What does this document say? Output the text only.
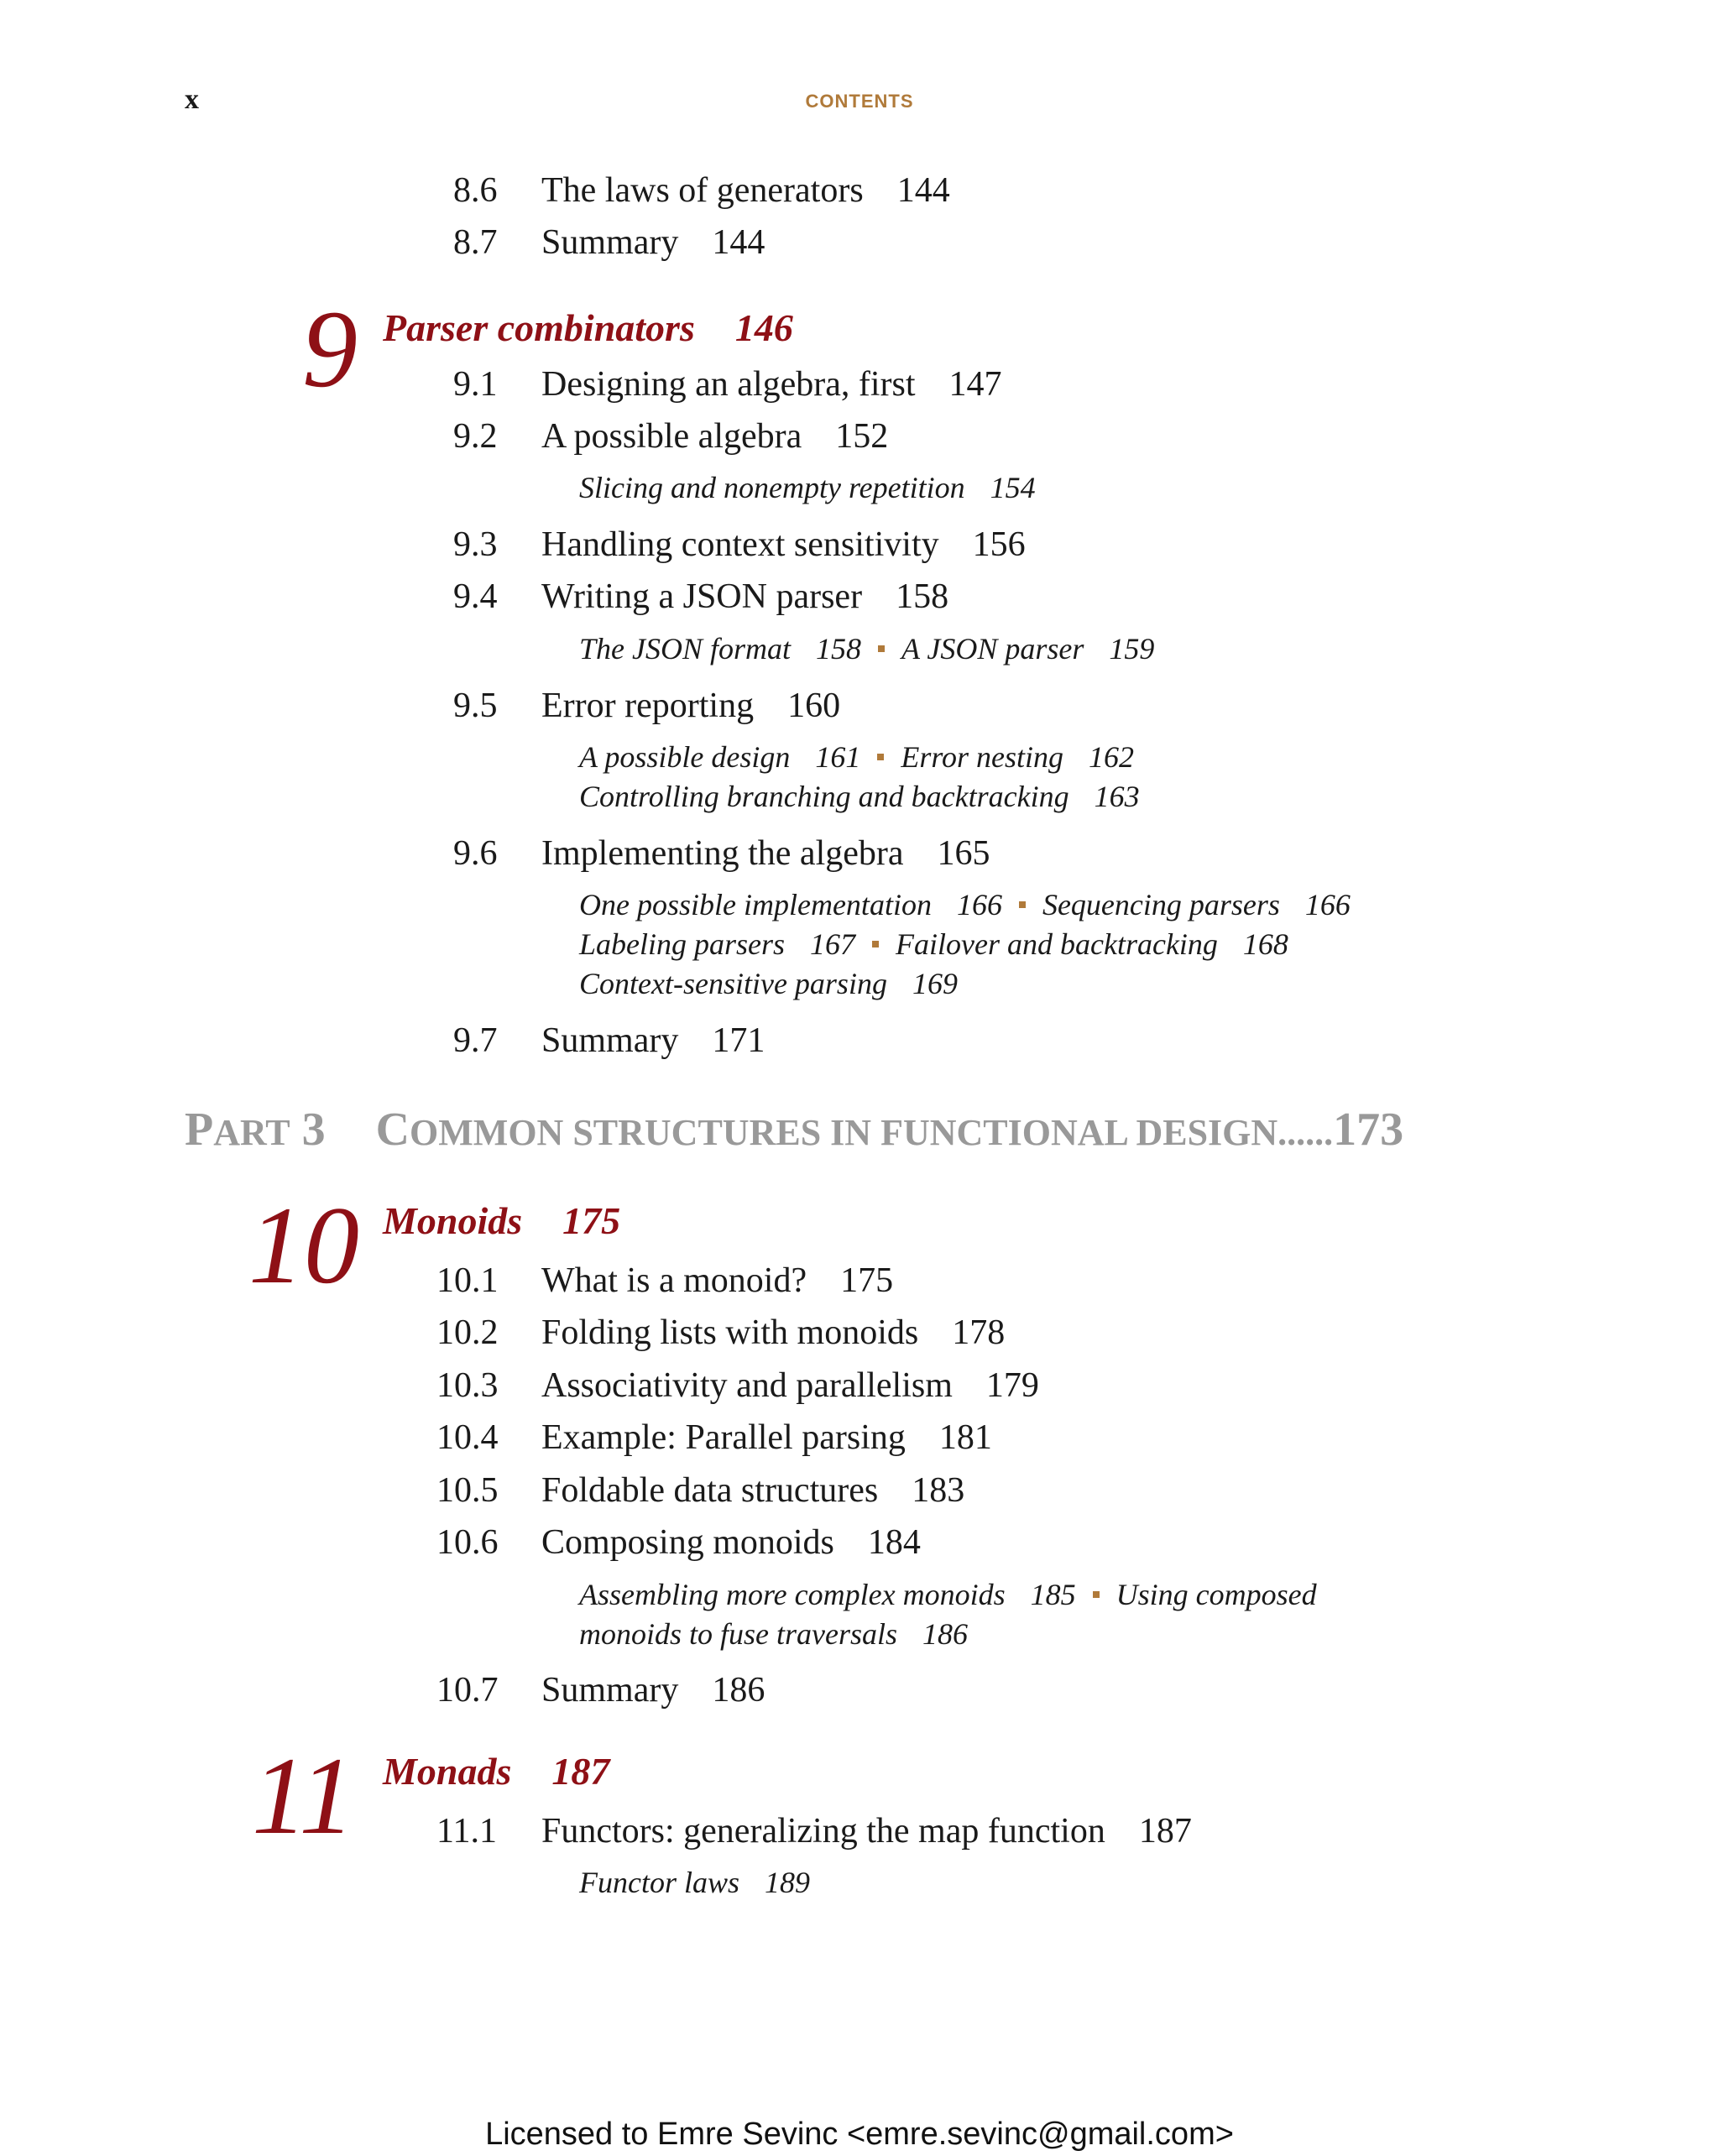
x	CONTENTS
8.6 The laws of generators 144
8.7 Summary 144
9 Parser combinators 146
9.1 Designing an algebra, first 147
9.2 A possible algebra 152
Slicing and nonempty repetition 154
9.3 Handling context sensitivity 156
9.4 Writing a JSON parser 158
The JSON format 158 A JSON parser 159
9.5 Error reporting 160
A possible design 161 Error nesting 162
Controlling branching and backtracking 163
9.6 Implementing the algebra 165
One possible implementation 166 Sequencing parsers 166
Labeling parsers 167 Failover and backtracking 168
Context-sensitive parsing 169
9.7 Summary 171
PART 3 COMMON STRUCTURES IN FUNCTIONAL DESIGN......173
10 Monoids 175
10.1 What is a monoid? 175
10.2 Folding lists with monoids 178
10.3 Associativity and parallelism 179
10.4 Example: Parallel parsing 181
10.5 Foldable data structures 183
10.6 Composing monoids 184
Assembling more complex monoids 185 Using composed
monoids to fuse traversals 186
10.7 Summary 186
11 Monads 187
11.1 Functors: generalizing the map function 187
Functor laws 189
Licensed to Emre Sevinc <emre.sevinc@gmail.com>
